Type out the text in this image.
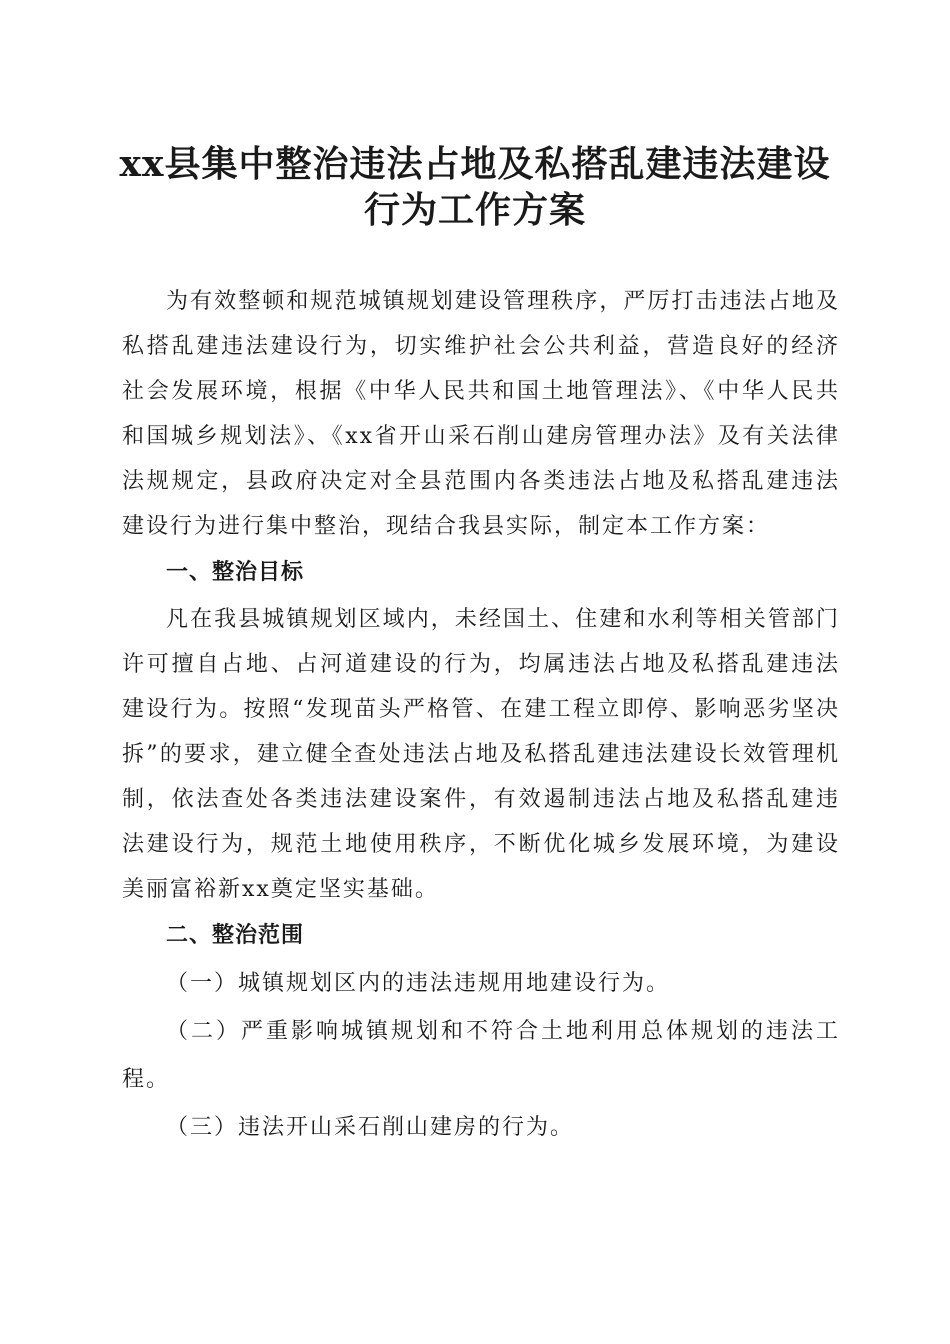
xx县集中整治违法占地及私搭乱建违法建设
行为工作方案

为有效整顿和规范城镇规划建设管理秩序，严厉打击违法占地及私搭乱建违法建设行为，切实维护社会公共利益，营造良好的经济社会发展环境，根据《中华人民共和国土地管理法》、《中华人民共和国城乡规划法》、《xx省开山采石削山建房管理办法》及有关法律法规规定，县政府决定对全县范围内各类违法占地及私搭乱建违法建设行为进行集中整治，现结合我县实际，制定本工作方案：

一、整治目标

凡在我县城镇规划区域内，未经国土、住建和水利等相关管部门许可擅自占地、占河道建设的行为，均属违法占地及私搭乱建违法建设行为。按照“发现苗头严格管、在建工程立即停、影响恶劣坚决拆”的要求，建立健全查处违法占地及私搭乱建违法建设长效管理机制，依法查处各类违法建设案件，有效遏制违法占地及私搭乱建违法建设行为，规范土地使用秩序，不断优化城乡发展环境，为建设美丽富裕新xx奠定坚实基础。

二、整治范围

（一）城镇规划区内的违法违规用地建设行为。

（二）严重影响城镇规划和不符合土地利用总体规划的违法工程。

（三）违法开山采石削山建房的行为。
